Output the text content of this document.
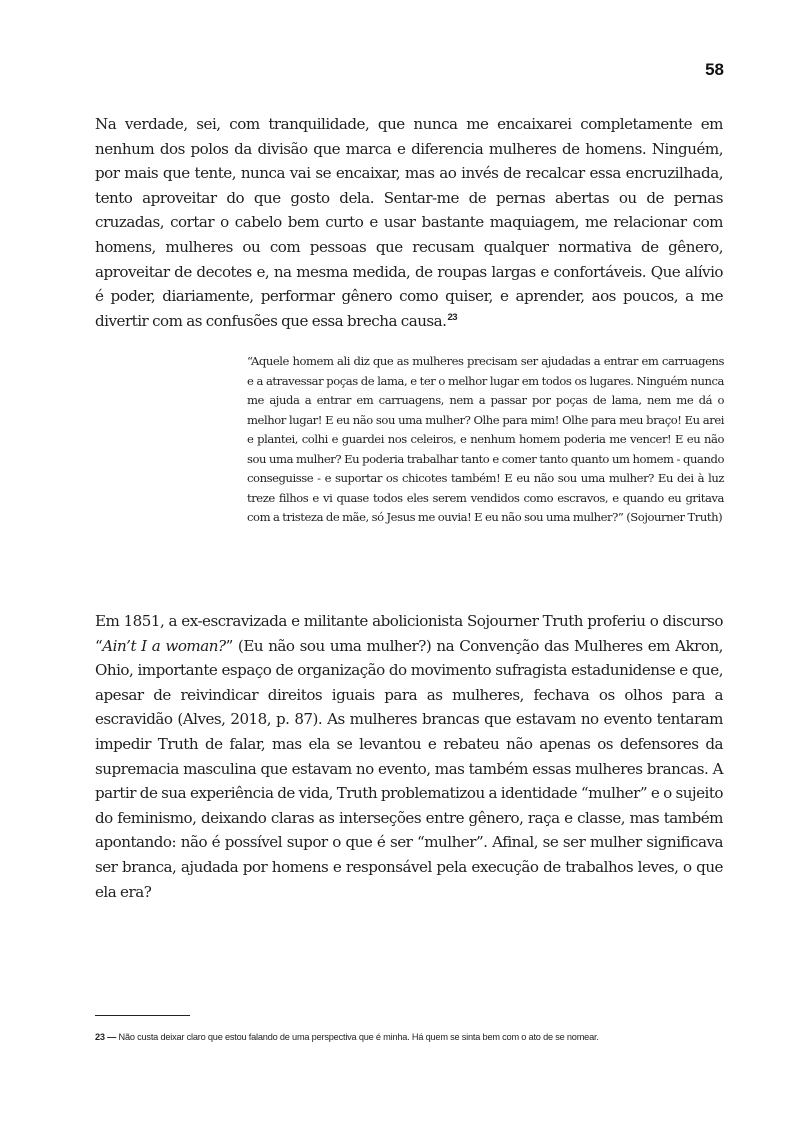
58

Na verdade, sei, com tranquilidade, que nunca me encaixarei completamente em nenhum dos polos da divisão que marca e diferencia mulheres de homens. Ninguém, por mais que tente, nunca vai se encaixar, mas ao invés de recalcar essa encruzilhada, tento aproveitar do que gosto dela. Sentar-me de pernas abertas ou de pernas cruzadas, cortar o cabelo bem curto e usar bastante maquiagem, me relacionar com homens, mulheres ou com pessoas que recusam qualquer normativa de gênero, aproveitar de decotes e, na mesma medida, de roupas largas e confortáveis. Que alívio é poder, diariamente, performar gênero como quiser, e aprender, aos poucos, a me divertir com as confusões que essa brecha causa.$^{23}$

“Aquele homem ali diz que as mulheres precisam ser ajudadas a entrar em carruagens e a atravessar poças de lama, e ter o melhor lugar em todos os lugares. Ninguém nunca me ajuda a entrar em carruagens, nem a passar por poças de lama, nem me dá o melhor lugar! E eu não sou uma mulher? Olhe para mim! Olhe para meu braço! Eu arei e plantei, colhi e guardei nos celeiros, e nenhum homem poderia me vencer! E eu não sou uma mulher? Eu poderia trabalhar tanto e comer tanto quanto um homem - quando conseguisse - e suportar os chicotes também! E eu não sou uma mulher? Eu dei à luz treze filhos e vi quase todos eles serem vendidos como escravos, e quando eu gritava com a tristeza de mãe, só Jesus me ouvia! E eu não sou uma mulher?” (Sojourner Truth)

Em 1851, a ex-escravizada e militante abolicionista Sojourner Truth proferiu o discurso “Ain’t I a woman?” (Eu não sou uma mulher?) na Convenção das Mulheres em Akron, Ohio, importante espaço de organização do movimento sufragista estadunidense e que, apesar de reivindicar direitos iguais para as mulheres, fechava os olhos para a escravidão (Alves, 2018, p. 87). As mulheres brancas que estavam no evento tentaram impedir Truth de falar, mas ela se levantou e rebateu não apenas os defensores da supremacia masculina que estavam no evento, mas também essas mulheres brancas. A partir de sua experiência de vida, Truth problematizou a identidade “mulher” e o sujeito do feminismo, deixando claras as interseções entre gênero, raça e classe, mas também apontando: não é possível supor o que é ser “mulher”. Afinal, se ser mulher significava ser branca, ajudada por homens e responsável pela execução de trabalhos leves, o que ela era?

23 — Não custa deixar claro que estou falando de uma perspectiva que é minha. Há quem se sinta bem com o ato de se nomear.
